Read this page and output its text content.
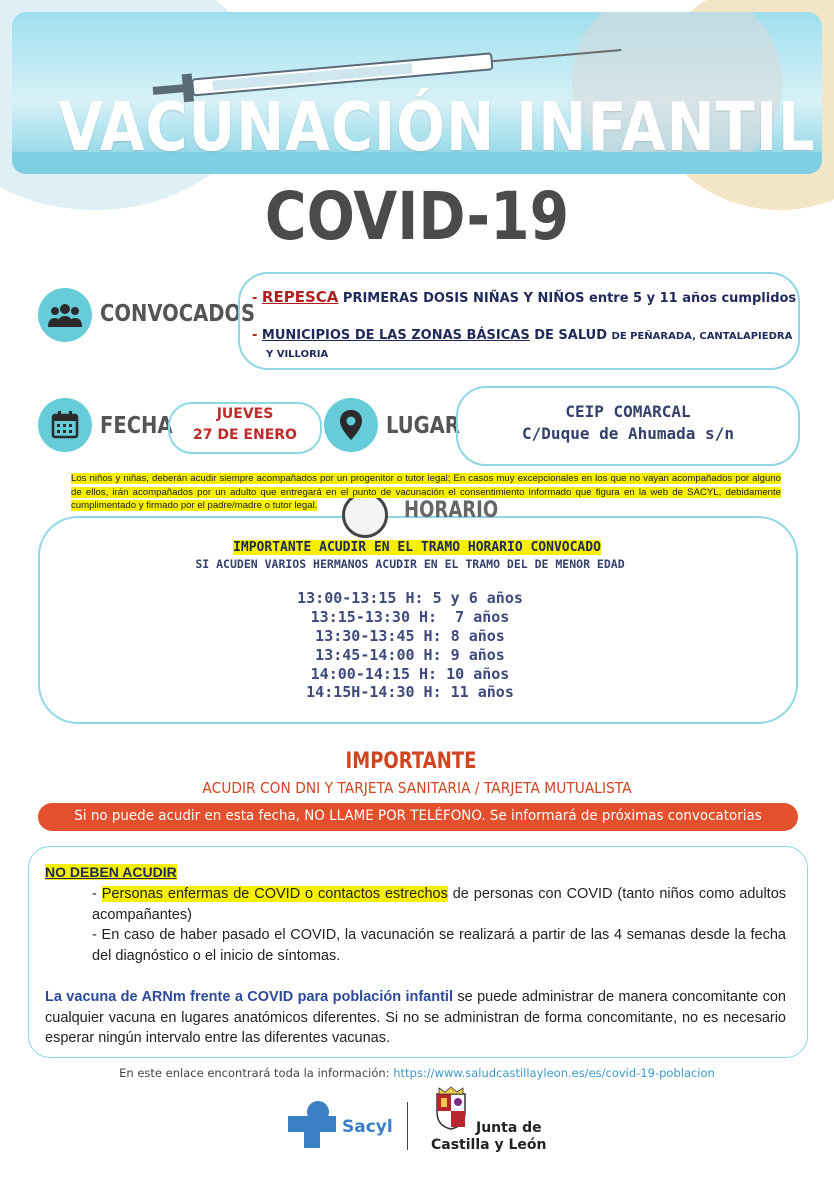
VACUNACIÓN INFANTIL
COVID-19
CONVOCADOS
- REPESCA PRIMERAS DOSIS NIÑAS Y NIÑOS entre 5 y 11 años cumplidos
- MUNICIPIOS DE LAS ZONAS BÁSICAS DE SALUD DE PEÑARADA, CANTALAPIEDRA
Y VILLORIA
FECHA	JUEVES
27 DE ENERO	LUGAR
CEIP COMARCAL
C/Duque de Ahumada s/n
HORARIO
Los niños y niñas, deberán acudir siempre acompañados por un progenitor o tutor legal; En casos muy excepcionales en los que no vayan acompañados por alguno de ellos, irán acompañados por un adulto que entregará en el punto de vacunación el consentimiento informado que figura en la web de SACYL, debidamente cumplimentado y firmado por el padre/madre o tutor legal.
IMPORTANTE ACUDIR EN EL TRAMO HORARIO CONVOCADO
SI ACUDEN VARIOS HERMANOS ACUDIR EN EL TRAMO DEL DE MENOR EDAD
13:00-13:15 H: 5 y 6 años
13:15-13:30 H:  7 años
13:30-13:45 H: 8 años
13:45-14:00 H: 9 años
14:00-14:15 H: 10 años
14:15H-14:30 H: 11 años
IMPORTANTE
ACUDIR CON DNI Y TARJETA SANITARIA / TARJETA MUTUALISTA
Si no puede acudir en esta fecha, NO LLAME POR TELÉFONO. Se informará de próximas convocatorias
NO DEBEN ACUDIR
- Personas enfermas de COVID o contactos estrechos de personas con COVID (tanto niños como adultos acompañantes)
- En caso de haber pasado el COVID, la vacunación se realizará a partir de las 4 semanas desde la fecha del diagnóstico o el inicio de síntomas.
La vacuna de ARNm frente a COVID para población infantil se puede administrar de manera concomitante con cualquier vacuna en lugares anatómicos diferentes. Si no se administran de forma concomitante, no es necesario esperar ningún intervalo entre las diferentes vacunas.
En este enlace encontrará toda la información: https://www.saludcastillayleon.es/es/covid-19-poblacion
Sacyl	Junta de
Castilla y León
